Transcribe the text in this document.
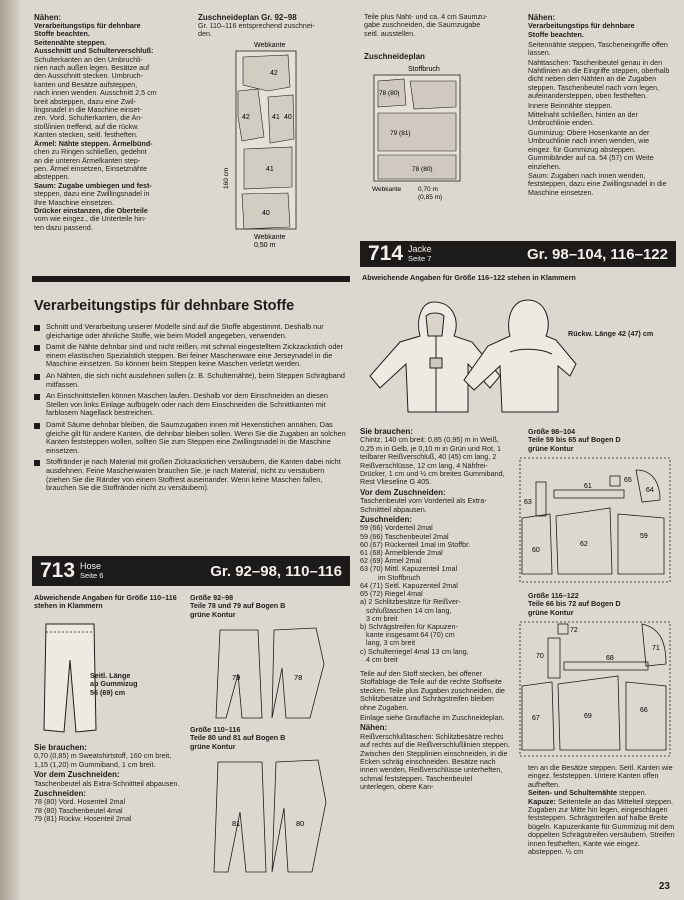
Nähen:
Verarbeitungstips für dehnbare
Stoffe beachten.
Seitennähte steppen.
Ausschnitt und Schulterverschluß:
Schulterkanten an den Umbruchli-
nien nach außen legen. Besätze auf
den Ausschnitt stecken. Umbruch-
kanten und Besätze aufsteppen,
nach innen wenden. Ausschnitt 2,5 cm
breit absteppen, dazu eine Zwil-
lingsnadel in die Maschine einset-
zen. Vord. Schulterkanten, die An-
stoßlinien treffend, auf die rückw.
Kanten stecken, seitl. festheften.
Ärmel: Nähte steppen. Ärmelbünd-
chen zu Ringen schließen, gedehnt
an die unteren Ärmelkanten step-
pen. Ärmel einsetzen, Einsetznähte
absteppen.
Saum: Zugabe umbiegen und fest-
steppen, dazu eine Zwillingsnadel in
Ihre Maschine einsetzen.
Drücker einstanzen, die Oberteile
vorn wie eingez., die Unterteile hin-
ten dazu passend.
Zuschneideplan Gr. 92–98
Gr. 110–116 entsprechend zuschnei-
den.
Webkante
42
42	41 40
41
40
160 cm
Webkante
0,50 m
Teile plus Naht- und ca. 4 cm Saumzu-
gabe zuschneiden, die Saumzugabe
seitl. ausstellen.
Zuschneideplan
Stoffbruch
78 (80)
79 (81)
78 (80)
Webkante	0,70 m
(0,85 m)
Nähen:
Verarbeitungstips für dehnbare
Stoffe beachten.
Seitennähte steppen, Tascheneingriffe offen lassen.
Nahttaschen: Taschenbeutel genau in den Nahtlinien an die Eingriffe steppen, oberhalb dicht neben den Nähten an die Zugaben steppen. Taschenbeutel nach vorn legen, aufeinandersteppen, oben festheften.
Innere Beinnähte steppen.
Mittelnaht schließen, hinten an der Umbruchlinie enden.
Gummizug: Obere Hosenkante an der Umbruchlinie nach innen wenden, wie eingez. für Gummizug absteppen. Gummibänder auf ca. 54 (57) cm Weite einziehen.
Saum: Zugaben nach innen wenden, feststeppen, dazu eine Zwillingsnadel in die Maschine einsetzen.
Verarbeitungstips für dehnbare Stoffe
Schnitt und Verarbeitung unserer Modelle sind auf die Stoffe abgestimmt. Deshalb nur gleichartige oder ähnliche Stoffe, wie beim Modell angegeben, verwenden.
Damit die Nähte dehnbar sind und nicht reißen, mit schmal eingestelltem Zickzackstich oder einem elastischen Spezialstich steppen. Bei feiner Maschenware eine Jerseynadel in die Maschine einsetzen. So können beim Steppen keine Maschen verletzt werden.
An Nähten, die sich nicht ausdehnen sollen (z. B. Schulternähte), beim Steppen Schrägband mitfassen.
An Einschnittstellen können Maschen laufen. Deshalb vor dem Einschneiden an diesen Stellen von links Einlage aufbügeln oder nach dem Einschneiden die Schnittkanten mit farblosem Nagellack bestreichen.
Damit Säume dehnbar bleiben, die Saumzugaben innen mit Hexenstichen annähen. Das gleiche gilt für andere Kanten, die dehnbar bleiben sollen. Wenn Sie die Zugaben an solchen Kanten feststeppen wollen, sollten Sie zum Steppen eine Zwillingsnadel in die Maschine einsetzen.
Stoffränder je nach Material mit großen Zickzackstichen versäubern, die Kanten dabei nicht ausdehnen. Feine Maschenwaren brauchen Sie, je nach Material, nicht zu versäubern (ziehen Sie die Ränder von einem Stoffrest auseinander. Wenn keine Maschen fallen, brauchen Sie die Stoffränder nicht zu versäubern).
714 Jacke
Seite 7	Gr. 98–104, 116–122
Abweichende Angaben für Größe 116–122 stehen in Klammern
Rückw. Länge 42 (47) cm

Sie brauchen:
Chintz, 140 cm breit: 0,85 (0,95) m in Weiß, 0,25 m in Gelb, je 0,10 m in Grün und Rot, 1 teilbarer Reißverschluß, 40 (45) cm lang, 2 Reißverschlüsse, 12 cm lang, 4 Nähfrei-Drücker, 1 cm und ½ cm breites Gummiband, Rest Vlieseline G 405.

Vor dem Zuschneiden:
Taschenbeutel vom Vorderteil als Extra-Schnittteil abpausen.

Zuschneiden:

59 (66) Vorderteil 2mal
59 (66) Taschenbeutel 2mal
60 (67) Rückenteil 1mal im Stoffbr.
61 (68) Ärmelblende 2mal
62 (69) Ärmel 2mal
63 (70) Mittl. Kapuzenteil 1mal
im Stoffbruch
64 (71) Seitl. Kapuzenteil 2mal
65 (72) Riegel 4mal
a) 2 Schlitzbesätze für Reißver-
schlußtaschen 14 cm lang,
3 cm breit
b) Schrägstreifen für Kapuzen-
kante insgesamt 64 (70) cm
lang, 3 cm breit
c) Schulterriegel 4mal 13 cm lang,
4 cm breit

Teile auf den Stoff stecken, bei offener Stoffablage die Teile auf die rechte Stoffseite stecken. Teile plus Zugaben zuschneiden, die Schlitzbesätze und Schrägstreifen bleiben ohne Zugaben.

Einlage siehe Graufläche im Zuschneideplan.

Nähen:
Reißverschlußtaschen: Schlitzbesätze rechts auf rechts auf die Reißverschlußlinien steppen. Zwischen den Stepplinien einschneiden, in die Ecken schräg einschneiden. Besätze nach innen wenden, Reißverschlüsse unterheften, schmal feststeppen. Taschenbeutel unterlegen, obere Kan-

Größe 98–104
Teile 59 bis 65 auf Bogen D
grüne Kontur
63
61
65
64
60
62
59
Größe 116–122
Teile 66 bis 72 auf Bogen D
grüne Kontur
72
70	68
71
67	69
66

ten an die Besätze steppen. Seitl. Kanten wie eingez. feststeppen. Untere Kanten offen aufheften.
Seiten- und Schulternähte steppen.
Kapuze: Seitenteile an das Mittelteil steppen. Zugaben zur Mitte hin legen, eingeschlagen feststeppen. Schrägstreifen auf halbe Breite bügeln. Kapuzenkante für Gummizug mit dem doppelten Schrägstreifen versäubern. Streifen innen festheften, Kante wie eingez. absteppen. ½ cm

713 Hose
Seite 6	Gr. 92–98, 110–116
Abweichende Angaben für Größe 110–116 stehen in Klammern
Seitl. Länge
ab Gummizug
56 (69) cm

Sie brauchen:
0,70 (0,85) m Sweatshirtstoff, 160 cm breit, 1,15 (1,20) m Gummiband, 1 cm breit.

Vor dem Zuschneiden:
Taschenbeutel als Extra-Schnittteil abpausen.

Zuschneiden:

78 (80) Vord. Hosenteil 2mal
78 (80) Taschenbeutel 4mal
79 (81) Rückw. Hosenteil 2mal
Größe 92–98
Teile 78 und 79 auf Bogen B
grüne Kontur
79	78
Größe 110–116
Teile 80 und 81 auf Bogen B
grüne Kontur
81	80
23
